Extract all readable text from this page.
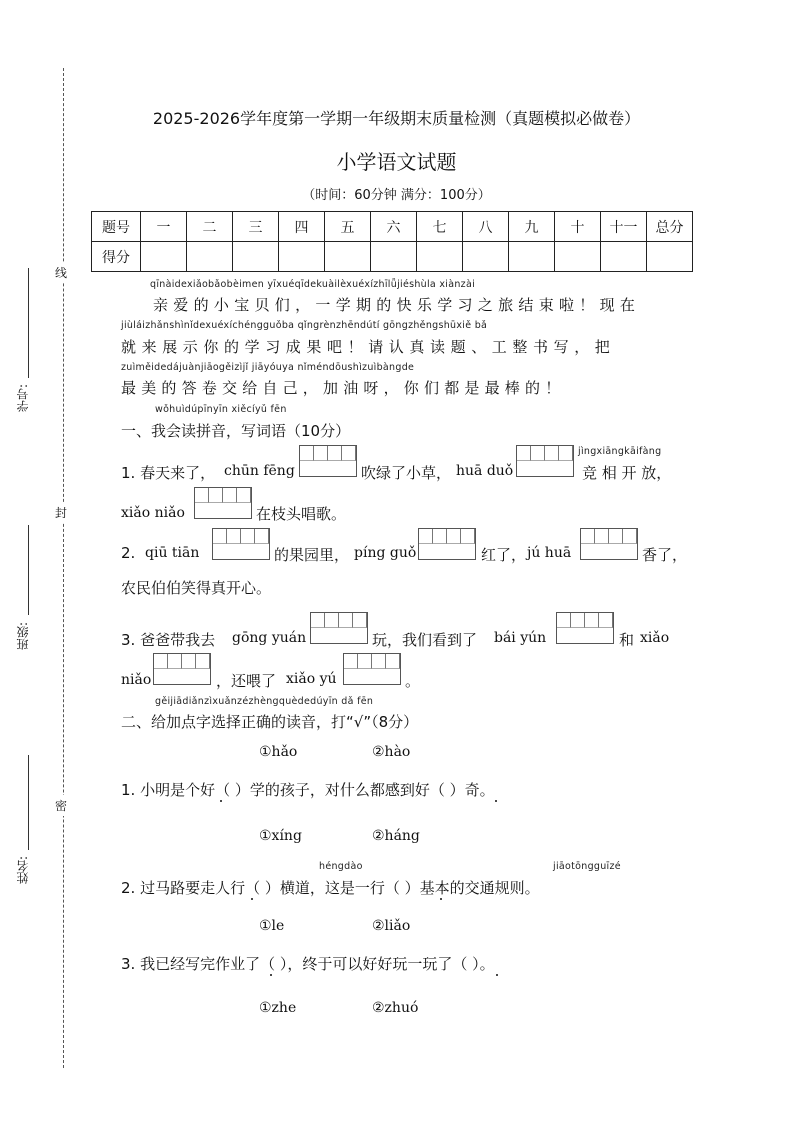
线
封
密
学号:
班级:
姓名:
2025-2026学年度第一学期一年级期末质量检测（真题模拟必做卷）
小学语文试题
（时间：60分钟 满分：100分）
题号	一	二	三	四	五	六	七	八	九	十	十一	总分
得分												
qīnàidexiǎobǎobèimen yīxuéqīdekuàilèxuéxízhīlǚjiéshùla xiànzài
亲爱的小宝贝们，一学期的快乐学习之旅结束啦！现在
jiùláizhǎnshìnǐdexuéxíchéngguǒba qǐngrènzhēndútí gōngzhěngshūxiě bǎ
就来展示你的学习成果吧！请认真读题、工整书写，把
zuìměidedájuànjiāogěizìjǐ jiāyóuya nǐméndōushìzuìbàngde
最美的答卷交给自己，加油呀，你们都是最棒的！
wǒhuìdúpīnyīn xiěcíyǔ fēn
一、我会读拼音，写词语（10分）
1. 春天来了， chūn fēng	吹绿了小草， huā duǒ
jìngxiāngkāifàng
竞 相 开 放，
xiǎo niǎo	在枝头唱歌。
2. qiū tiān	的果园里， píng guǒ	红了， jú huā	香了，
农民伯伯笑得真开心。
3. 爸爸带我去 gōng yuán	玩，我们看到了 bái yún	和 xiǎo
niǎo	，还喂了 xiǎo yú	。
gěijiādiǎnzìxuǎnzézhèngquèdedúyīn dǎ fēn
二、给加点字选择正确的读音，打“√”（8分）
①hǎo	②hào
1. 小明是个好（ ）学的孩子，对什么都感到好（ ）奇。
①xíng	②háng
héngdào	jiāotōngguīzé
2. 过马路要走人行（ ）横道，这是一行（ ）基本的交通规则。
①le	②liǎo
3. 我已经写完作业了（ ），终于可以好好玩一玩了（ ）。
①zhe	②zhuó
